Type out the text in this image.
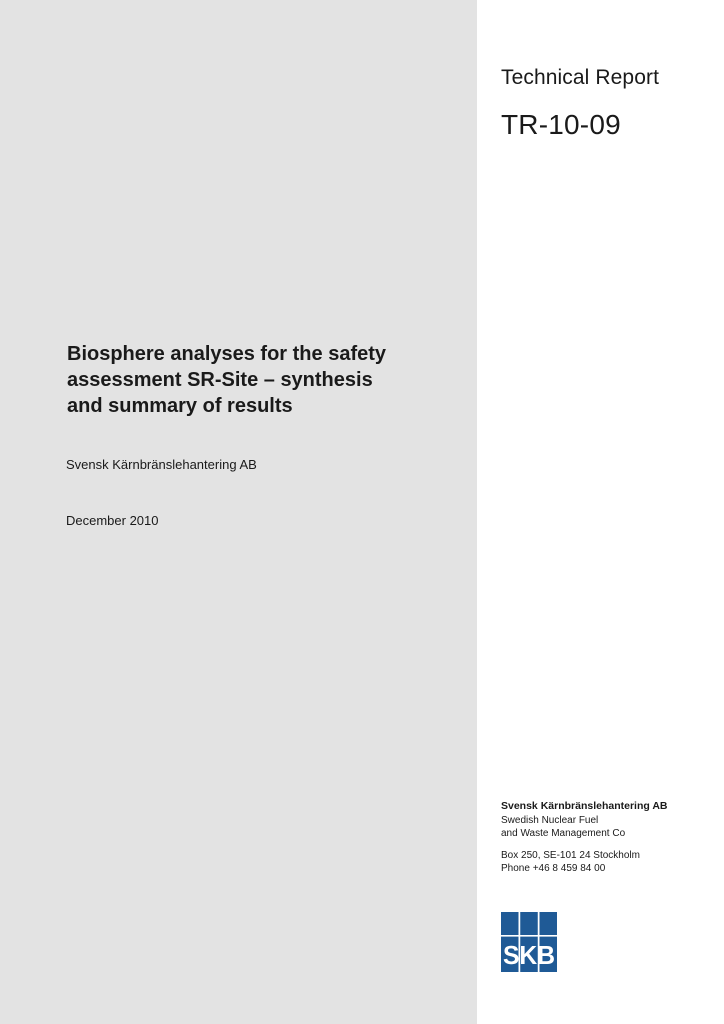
Technical Report
TR-10-09
Biosphere analyses for the safety
assessment SR-Site – synthesis
and summary of results
Svensk Kärnbränslehantering AB
December 2010
Svensk Kärnbränslehantering AB
Swedish Nuclear Fuel
and Waste Management Co
Box 250, SE-101 24 Stockholm
Phone +46 8 459 84 00
SKB
